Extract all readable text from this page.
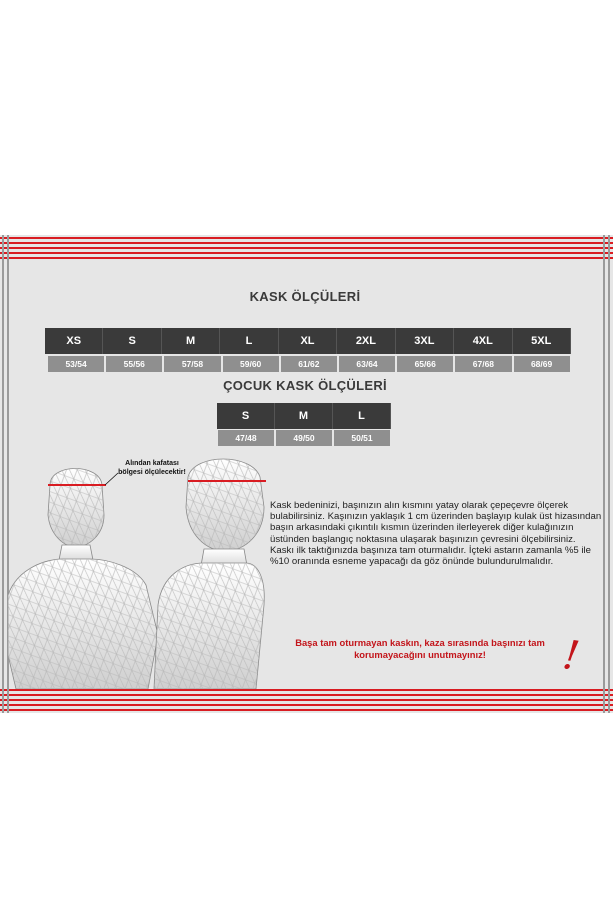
KASK ÖLÇÜLERİ
XS	S	M	L	XL	2XL	3XL	4XL	5XL
53/54	55/56	57/58	59/60	61/62	63/64	65/66	67/68	68/69
ÇOCUK KASK ÖLÇÜLERİ
S	M	L
47/48	49/50	50/51
Alından kafatası bölgesi ölçülecektir!

Kask bedeninizi, başınızın alın kısmını yatay olarak çepeçevre ölçerek bulabilirsiniz. Kaşınızın yaklaşık 1 cm üzerinden başlayıp kulak üst hizasından başın arkasındaki çıkıntılı kısmın üzerinden ilerleyerek diğer kulağınızın üstünden başlangıç noktasına ulaşarak başınızın çevresini ölçebilirsiniz.

Kaskı ilk taktığınızda başınıza tam oturmalıdır. İçteki astarın zamanla %5 ile %10 oranında esneme yapacağı da göz önünde bulundurulmalıdır.

Başa tam oturmayan kaskın, kaza sırasında başınızı tam korumayacağını unutmayınız!	!
